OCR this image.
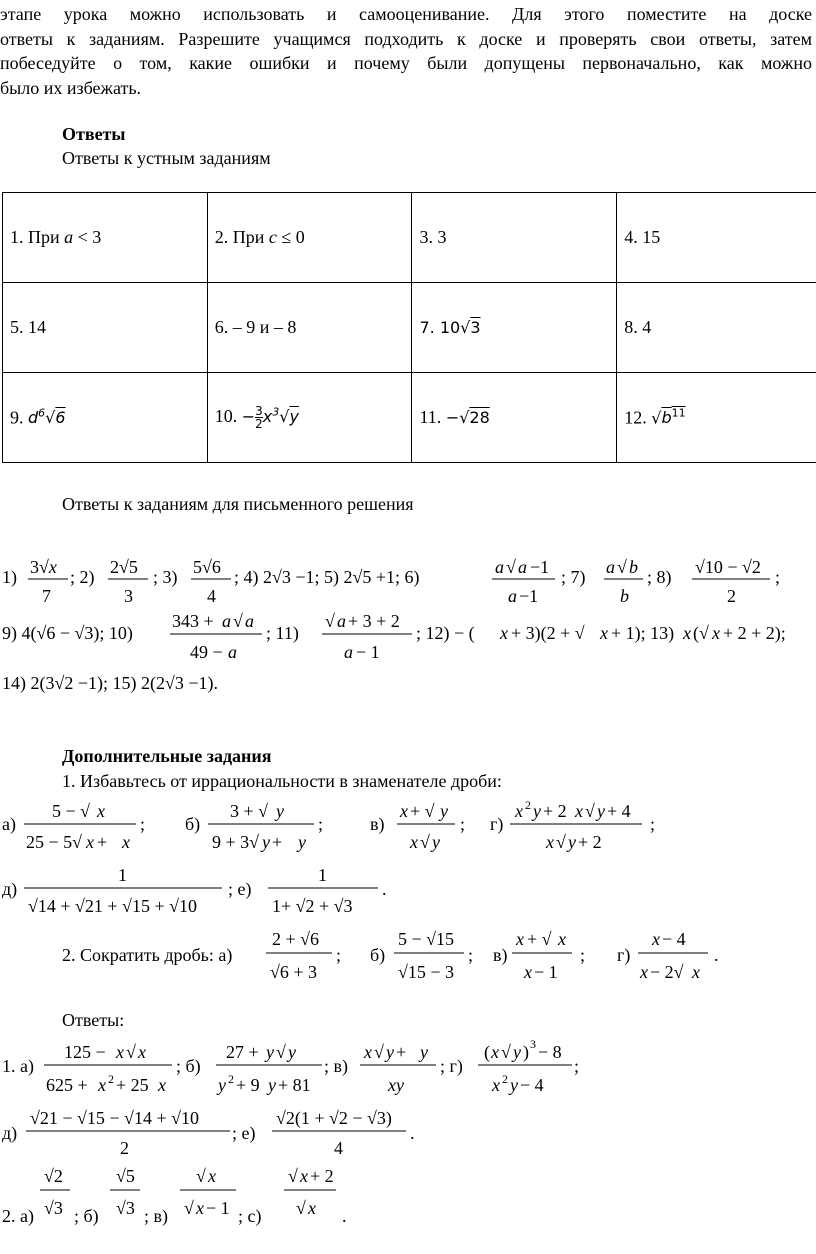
этапе урока можно использовать и самооценивание. Для этого поместите на доске
ответы к заданиям. Разрешите учащимся подходить к доске и проверять свои ответы, затем
побеседуйте о том, какие ошибки и почему были допущены первоначально, как можно
было их избежать.
Ответы
Ответы к устным заданиям
1. При a < 3	2. При c ≤ 0	3. 3	4. 15
5. 14	6. – 9 и – 8	7. 10√3	8. 4
9. $d^6√6$	10. − $\frac{3}{2} x^3√y$	11. −√28	12. $√b^{11}$
Ответы к заданиям для письменного решения
1) 3√x
7
; 2) 2√5
3
; 3) 5√6
4
; 4) 2√3 −1; 5) 2√5 +1; 6)	a √ a −1
a −1
; 7) a √ b
b
; 8) √10 − √2
2
;
9) 4(√6 − √3); 10)
343 + a √ a
49 − a
; 11)
√ a + 3 + 2
a − 1
; 12) − ( x + 3)(2 + √ x + 1); 13) x (√ x + 2 + 2);
14) 2(3√2 −1); 15) 2(2√3 −1).
Дополнительные задания
1. Избавьтесь от иррациональности в знаменателе дроби:
а)
5 − √ x
25 − 5√ x + x
; б)
3 + √ y
9 + 3√ y + y
;	в)
x + √ y
x √ y
; г)
x 2 y + 2 x √ y + 4
x √ y + 2
;
д)
1
√14 + √21 + √15 + √10
; е)
1
1+ √2 + √3
.
2. Сократить дробь: а)
2 + √6
√6 + 3
; б)
5 − √15
√15 − 3
; в)
x + √ x
x − 1
; г)
x − 4
x − 2√ x
.
Ответы:
1. а)
125 − x √ x
625 + x 2 + 25 x
; б)
27 + y √ y
y 2 + 9 y + 81
; в)
x √ y + y
xy
; г)
( x √ y ) 3 − 8
x 2 y − 4
;
д)
√21 − √15 − √14 + √10
2
; е)
√2(1 + √2 − √3)
4
.
2. а)
√2
√3 ; б)
√5
√3 ; в)
√ x
√ x − 1 ; с)
√ x + 2
√ x .
